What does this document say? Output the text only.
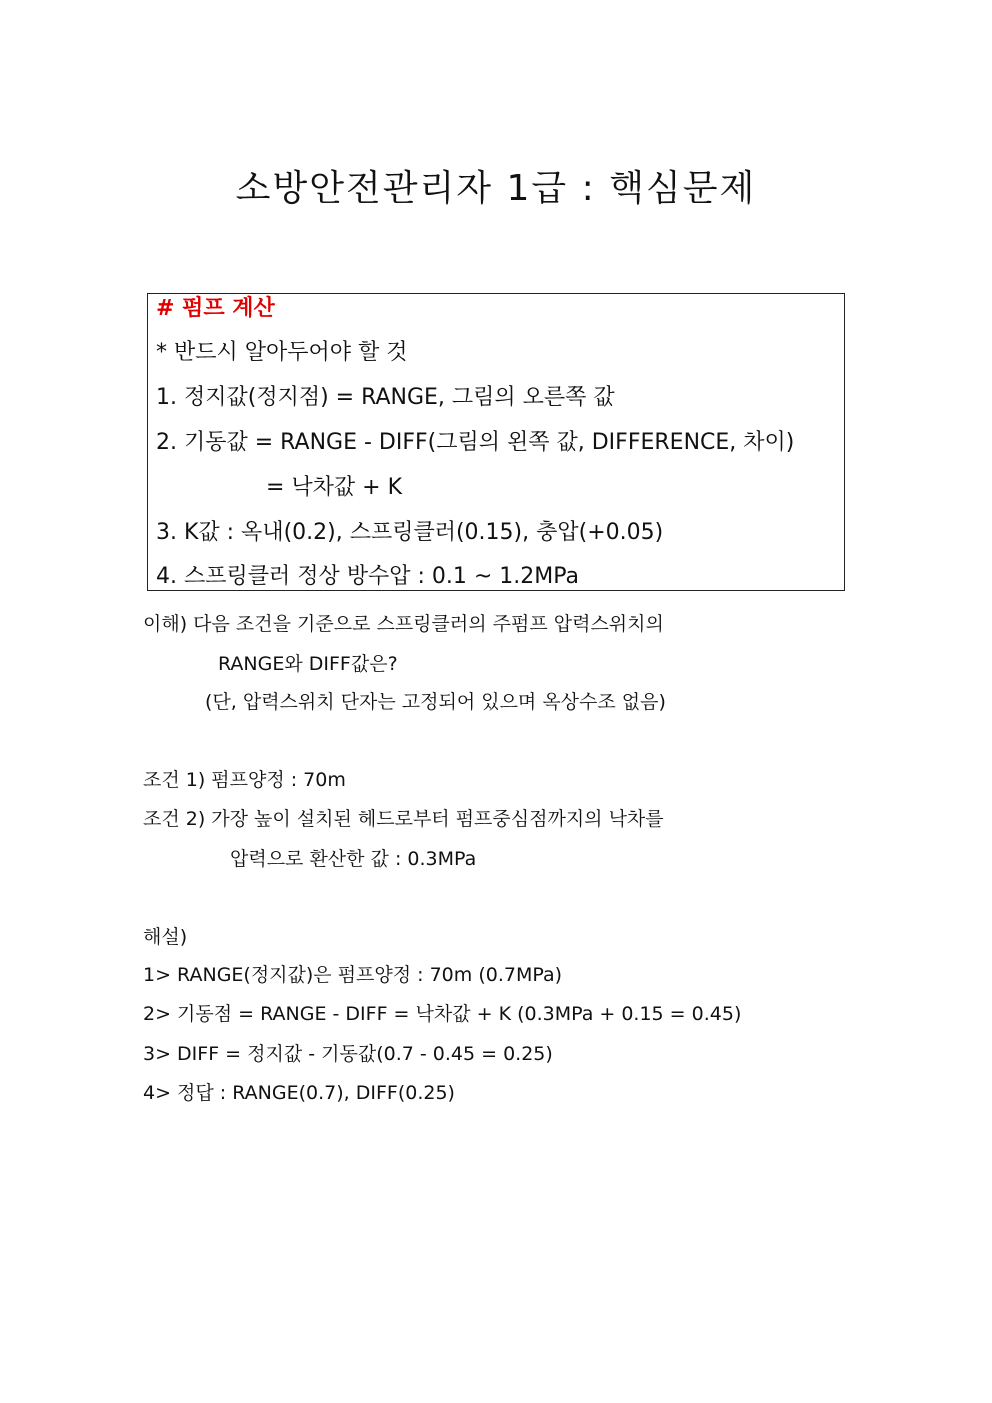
소방안전관리자 1급 : 핵심문제
# 펌프 계산
* 반드시 알아두어야 할 것
1. 정지값(정지점) = RANGE, 그림의 오른쪽 값
2. 기동값 = RANGE - DIFF(그림의 왼쪽 값, DIFFERENCE, 차이)
= 낙차값 + K
3. K값 : 옥내(0.2), 스프링클러(0.15), 충압(+0.05)
4. 스프링클러 정상 방수압 : 0.1 ~ 1.2MPa
이해) 다음 조건을 기준으로 스프링클러의 주펌프 압력스위치의
RANGE와 DIFF값은?
(단, 압력스위치 단자는 고정되어 있으며 옥상수조 없음)
조건 1) 펌프양정 : 70m
조건 2) 가장 높이 설치된 헤드로부터 펌프중심점까지의 낙차를
압력으로 환산한 값 : 0.3MPa
해설)
1> RANGE(정지값)은 펌프양정 : 70m (0.7MPa)
2> 기동점 = RANGE - DIFF = 낙차값 + K (0.3MPa + 0.15 = 0.45)
3> DIFF = 정지값 - 기동값(0.7 - 0.45 = 0.25)
4> 정답 : RANGE(0.7), DIFF(0.25)
